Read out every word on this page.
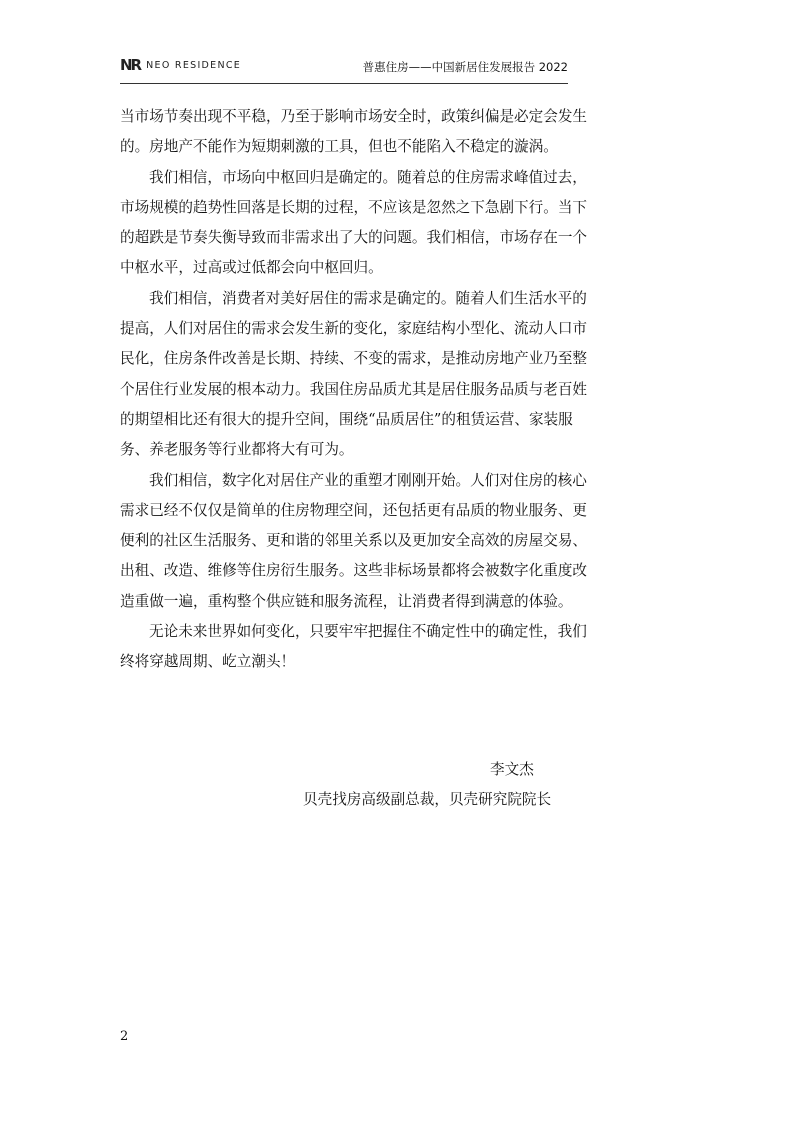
NR NEO RESIDENCE	普惠住房——中国新居住发展报告 2022
当市场节奏出现不平稳，乃至于影响市场安全时，政策纠偏是必定会发生
的。房地产不能作为短期刺激的工具，但也不能陷入不稳定的漩涡。
我们相信，市场向中枢回归是确定的。随着总的住房需求峰值过去，
市场规模的趋势性回落是长期的过程，不应该是忽然之下急剧下行。当下
的超跌是节奏失衡导致而非需求出了大的问题。我们相信，市场存在一个
中枢水平，过高或过低都会向中枢回归。
我们相信，消费者对美好居住的需求是确定的。随着人们生活水平的
提高，人们对居住的需求会发生新的变化，家庭结构小型化、流动人口市
民化，住房条件改善是长期、持续、不变的需求，是推动房地产业乃至整
个居住行业发展的根本动力。我国住房品质尤其是居住服务品质与老百姓
的期望相比还有很大的提升空间，围绕“品质居住”的租赁运营、家装服
务、养老服务等行业都将大有可为。
我们相信，数字化对居住产业的重塑才刚刚开始。人们对住房的核心
需求已经不仅仅是简单的住房物理空间，还包括更有品质的物业服务、更
便利的社区生活服务、更和谐的邻里关系以及更加安全高效的房屋交易、
出租、改造、维修等住房衍生服务。这些非标场景都将会被数字化重度改
造重做一遍，重构整个供应链和服务流程，让消费者得到满意的体验。
无论未来世界如何变化，只要牢牢把握住不确定性中的确定性，我们
终将穿越周期、屹立潮头！
李文杰
贝壳找房高级副总裁，贝壳研究院院长
2
